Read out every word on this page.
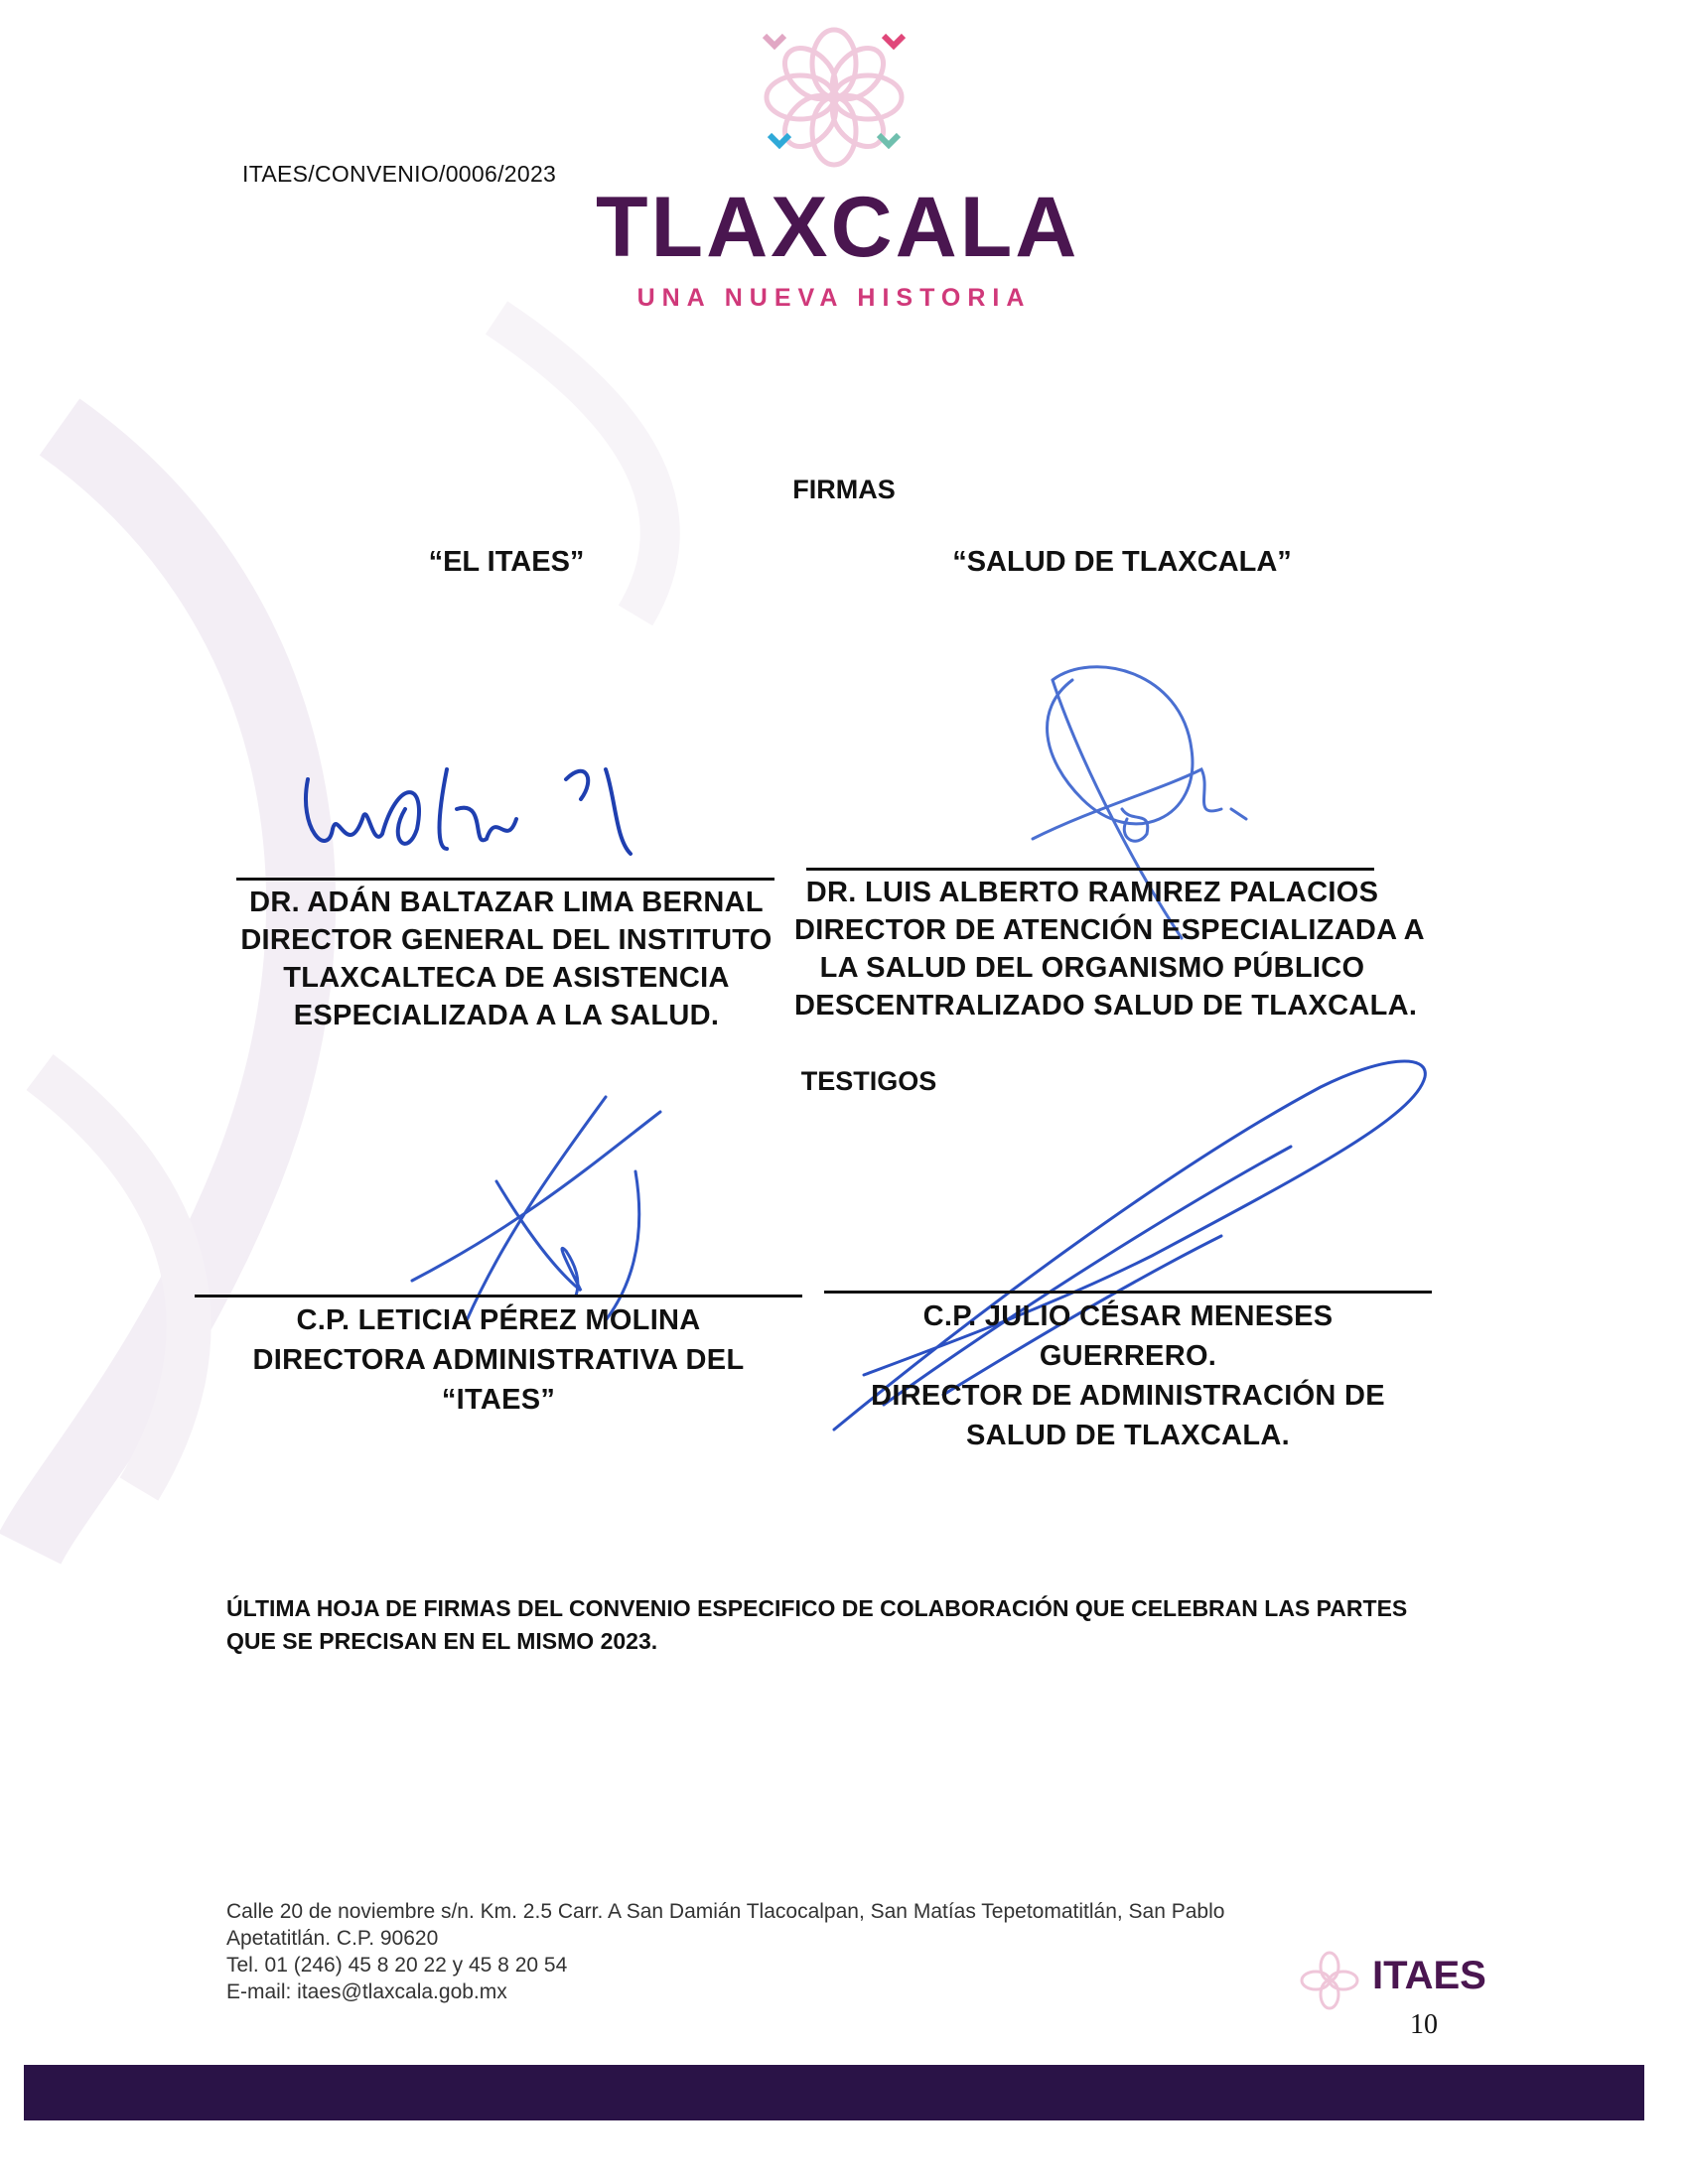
ITAES/CONVENIO/0006/2023
TLAXCALA
UNA NUEVA HISTORIA
FIRMAS
“EL ITAES”	“SALUD DE TLAXCALA”
DR. ADÁN BALTAZAR LIMA BERNAL
DIRECTOR GENERAL DEL INSTITUTO
TLAXCALTECA DE ASISTENCIA
ESPECIALIZADA A LA SALUD.
DR. LUIS ALBERTO RAMIREZ PALACIOS
DIRECTOR DE ATENCIÓN ESPECIALIZADA A
LA SALUD DEL ORGANISMO PÚBLICO
DESCENTRALIZADO SALUD DE TLAXCALA.
TESTIGOS
C.P. LETICIA PÉREZ MOLINA
DIRECTORA ADMINISTRATIVA DEL
“ITAES”
C.P. JULIO CÉSAR MENESES
GUERRERO.
DIRECTOR DE ADMINISTRACIÓN DE
SALUD DE TLAXCALA.
ÚLTIMA HOJA DE FIRMAS DEL CONVENIO ESPECIFICO DE COLABORACIÓN QUE CELEBRAN LAS PARTES QUE SE PRECISAN EN EL MISMO 2023.
Calle 20 de noviembre s/n. Km. 2.5 Carr. A San Damián Tlacocalpan, San Matías Tepetomatitlán, San Pablo
Apetatitlán. C.P. 90620
Tel. 01 (246) 45 8 20 22 y 45 8 20 54
E-mail: itaes@tlaxcala.gob.mx	ITAES
10
